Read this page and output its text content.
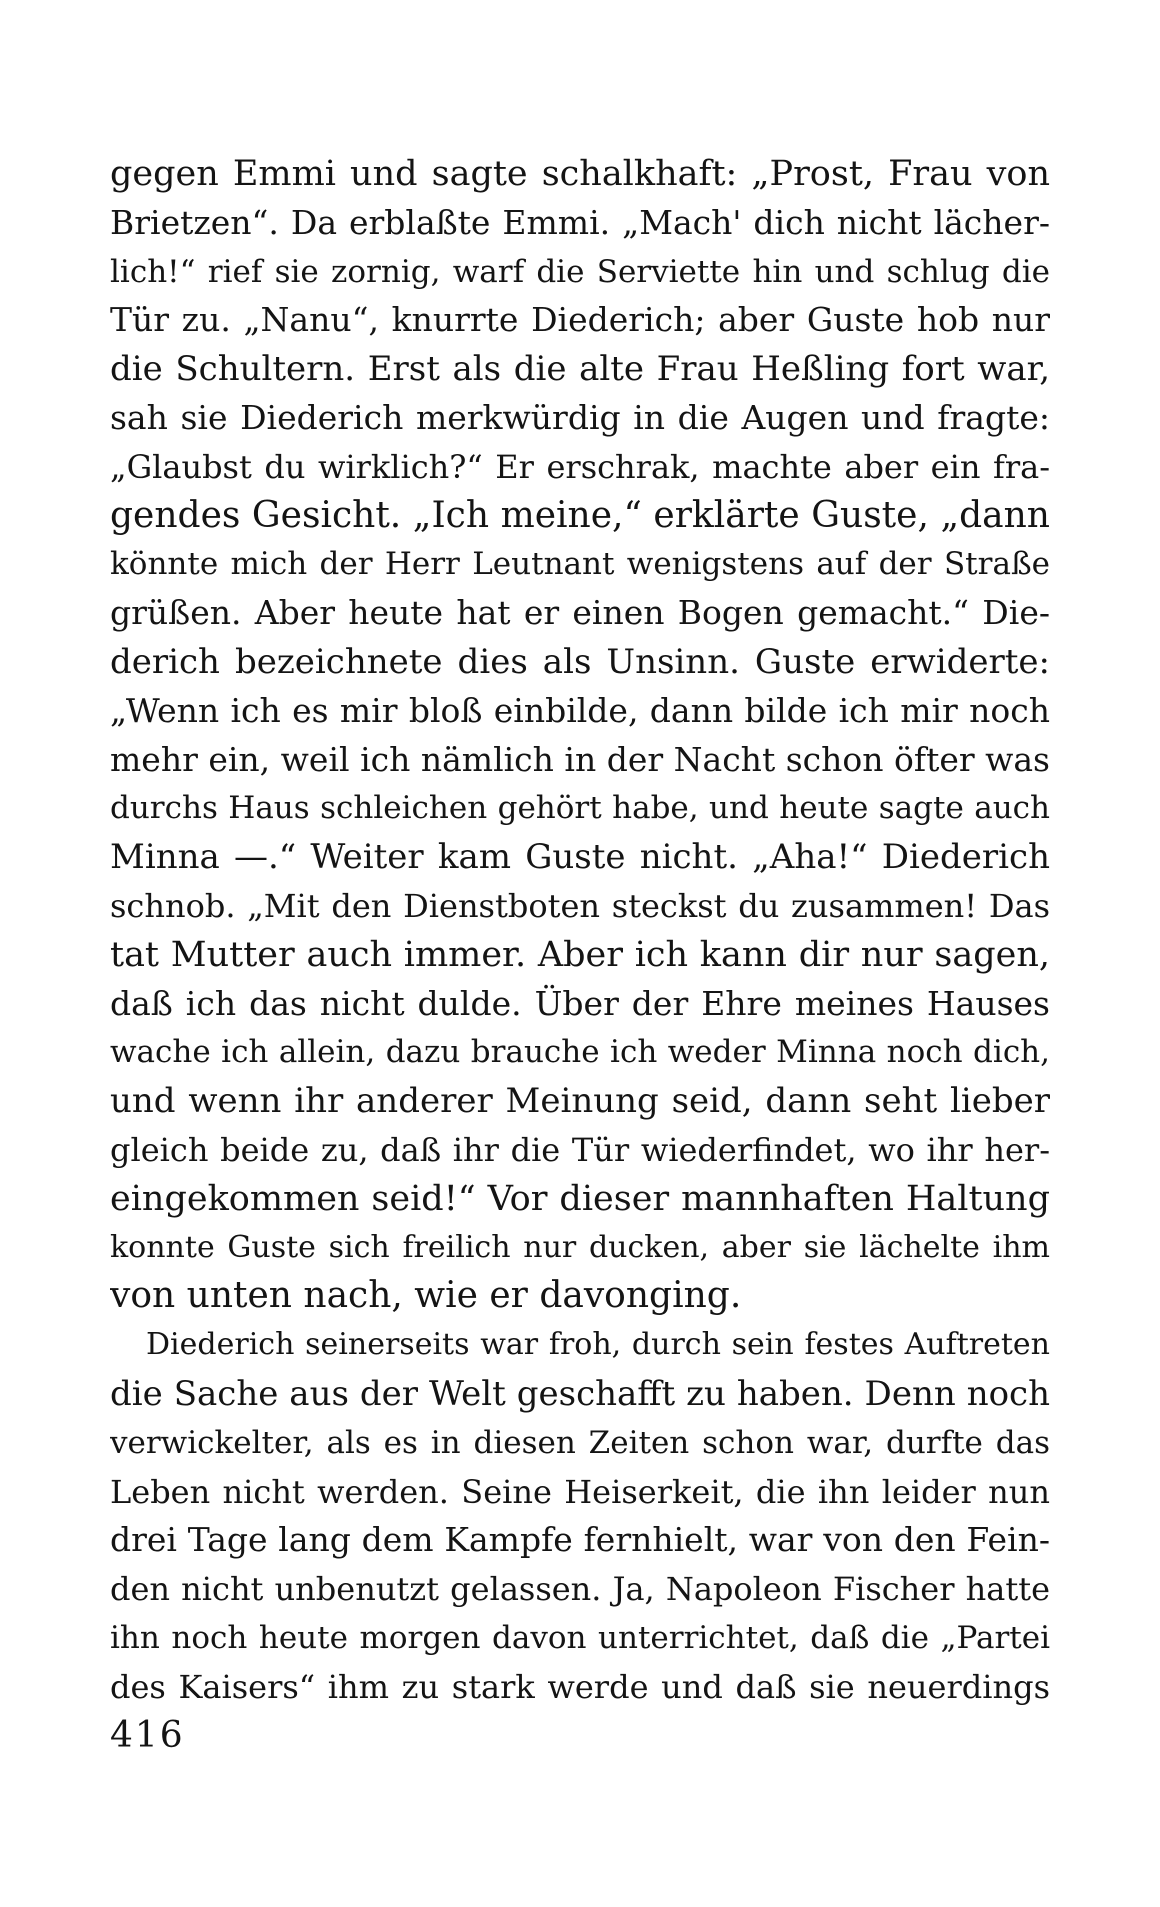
gegen Emmi und sagte schalkhaft: „Prost, Frau von
Brietzen“. Da erblaßte Emmi. „Mach' dich nicht lächer-
lich!“ rief sie zornig, warf die Serviette hin und schlug die
Tür zu. „Nanu“, knurrte Diederich; aber Guste hob nur
die Schultern. Erst als die alte Frau Heßling fort war,
sah sie Diederich merkwürdig in die Augen und fragte:
„Glaubst du wirklich?“ Er erschrak, machte aber ein fra-
gendes Gesicht. „Ich meine,“ erklärte Guste, „dann
könnte mich der Herr Leutnant wenigstens auf der Straße
grüßen. Aber heute hat er einen Bogen gemacht.“ Die-
derich bezeichnete dies als Unsinn. Guste erwiderte:
„Wenn ich es mir bloß einbilde, dann bilde ich mir noch
mehr ein, weil ich nämlich in der Nacht schon öfter was
durchs Haus schleichen gehört habe, und heute sagte auch
Minna —.“ Weiter kam Guste nicht. „Aha!“ Diederich
schnob. „Mit den Dienstboten steckst du zusammen! Das
tat Mutter auch immer. Aber ich kann dir nur sagen,
daß ich das nicht dulde. Über der Ehre meines Hauses
wache ich allein, dazu brauche ich weder Minna noch dich,
und wenn ihr anderer Meinung seid, dann seht lieber
gleich beide zu, daß ihr die Tür wiederfindet, wo ihr her-
eingekommen seid!“ Vor dieser mannhaften Haltung
konnte Guste sich freilich nur ducken, aber sie lächelte ihm
von unten nach, wie er davonging.
Diederich seinerseits war froh, durch sein festes Auftreten
die Sache aus der Welt geschafft zu haben. Denn noch
verwickelter, als es in diesen Zeiten schon war, durfte das
Leben nicht werden. Seine Heiserkeit, die ihn leider nun
drei Tage lang dem Kampfe fernhielt, war von den Fein-
den nicht unbenutzt gelassen. Ja, Napoleon Fischer hatte
ihn noch heute morgen davon unterrichtet, daß die „Partei
des Kaisers“ ihm zu stark werde und daß sie neuerdings
416
